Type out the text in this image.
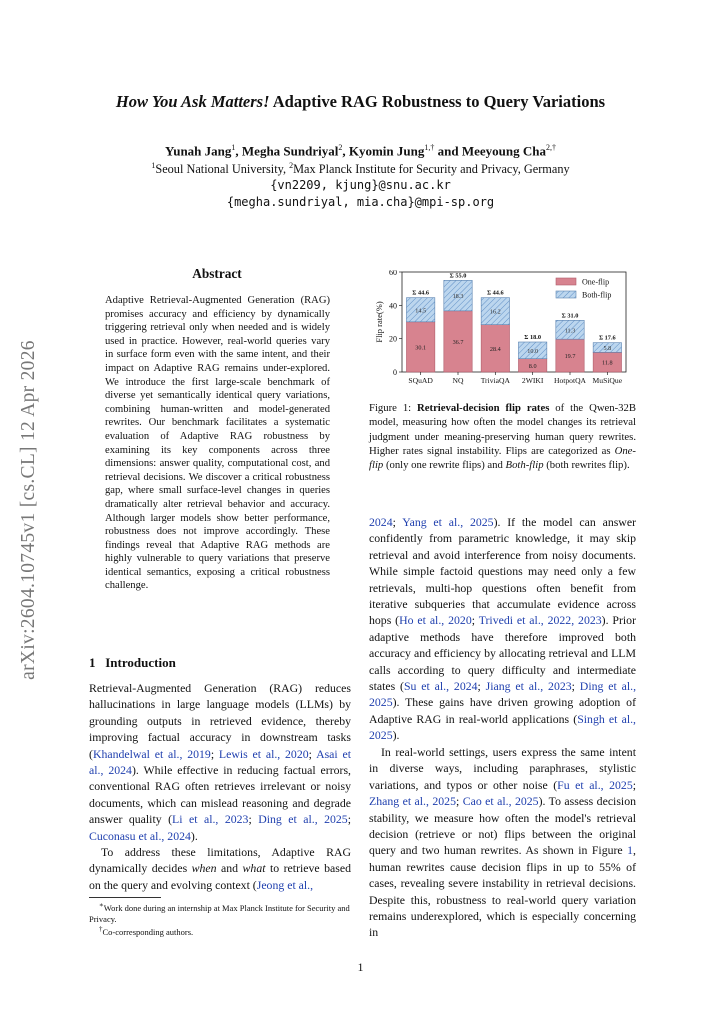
arXiv:2604.10745v1 [cs.CL] 12 Apr 2026
How You Ask Matters! Adaptive RAG Robustness to Query Variations
Yunah Jang$^1$, Megha Sundriyal$^2$, Kyomin Jung$^{1,\dagger}$ and Meeyoung Cha$^{2,\dagger}$
$^1$Seoul National University, $^2$Max Planck Institute for Security and Privacy, Germany
{vn2209, kjung}@snu.ac.kr
{megha.sundriyal, mia.cha}@mpi-sp.org
Abstract
Adaptive Retrieval-Augmented Generation (RAG) promises accuracy and efficiency by dynamically triggering retrieval only when needed and is widely used in practice. However, real-world queries vary in surface form even with the same intent, and their impact on Adaptive RAG remains under-explored. We introduce the first large-scale benchmark of diverse yet semantically identical query variations, combining human-written and model-generated rewrites. Our benchmark facilitates a systematic evaluation of Adaptive RAG robustness by examining its key components across three dimensions: answer quality, computational cost, and retrieval decisions. We discover a critical robustness gap, where small surface-level changes in queries dramatically alter retrieval behavior and accuracy. Although larger models show better performance, robustness does not improve accordingly. These findings reveal that Adaptive RAG methods are highly vulnerable to query variations that preserve identical semantics, exposing a critical robustness challenge.
1 Introduction
Retrieval-Augmented Generation (RAG) reduces hallucinations in large language models (LLMs) by grounding outputs in retrieved evidence, thereby improving factual accuracy in downstream tasks (Khandelwal et al., 2019; Lewis et al., 2020; Asai et al., 2024). While effective in reducing factual errors, conventional RAG often retrieves irrelevant or noisy documents, which can mislead reasoning and degrade answer quality (Li et al., 2023; Ding et al., 2025; Cuconasu et al., 2024).
To address these limitations, Adaptive RAG dynamically decides when and what to retrieve based on the query and evolving context (Jeong et al.,
∗Work done during an internship at Max Planck Institute for Security and Privacy.
†Co-corresponding authors.
0
20
40
60
Flip rate(%)
30.1
14.5
Σ 44.6
SQuAD
36.7
18.3
Σ 55.0
NQ
28.4
16.2
Σ 44.6
TriviaQA
8.0
10.0
Σ 18.0
2WIKI
19.7
11.3
Σ 31.0
HotpotQA
11.8
5.8
Σ 17.6
MuSiQue
One-flip
Both-flip
Figure 1: Retrieval-decision flip rates of the Qwen-32B model, measuring how often the model changes its retrieval judgment under meaning-preserving human query rewrites. Higher rates signal instability. Flips are categorized as One-flip (only one rewrite flips) and Both-flip (both rewrites flip).
2024; Yang et al., 2025). If the model can answer confidently from parametric knowledge, it may skip retrieval and avoid interference from noisy documents. While simple factoid questions may need only a few retrievals, multi-hop questions often benefit from iterative subqueries that accumulate evidence across hops (Ho et al., 2020; Trivedi et al., 2022, 2023). Prior adaptive methods have therefore improved both accuracy and efficiency by allocating retrieval and LLM calls according to query difficulty and intermediate states (Su et al., 2024; Jiang et al., 2023; Ding et al., 2025). These gains have driven growing adoption of Adaptive RAG in real-world applications (Singh et al., 2025).
In real-world settings, users express the same intent in diverse ways, including paraphrases, stylistic variations, and typos or other noise (Fu et al., 2025; Zhang et al., 2025; Cao et al., 2025). To assess decision stability, we measure how often the model's retrieval decision (retrieve or not) flips between the original query and two human rewrites. As shown in Figure 1, human rewrites cause decision flips in up to 55% of cases, revealing severe instability in retrieval decisions. Despite this, robustness to real-world query variation remains underexplored, which is especially concerning in
1
